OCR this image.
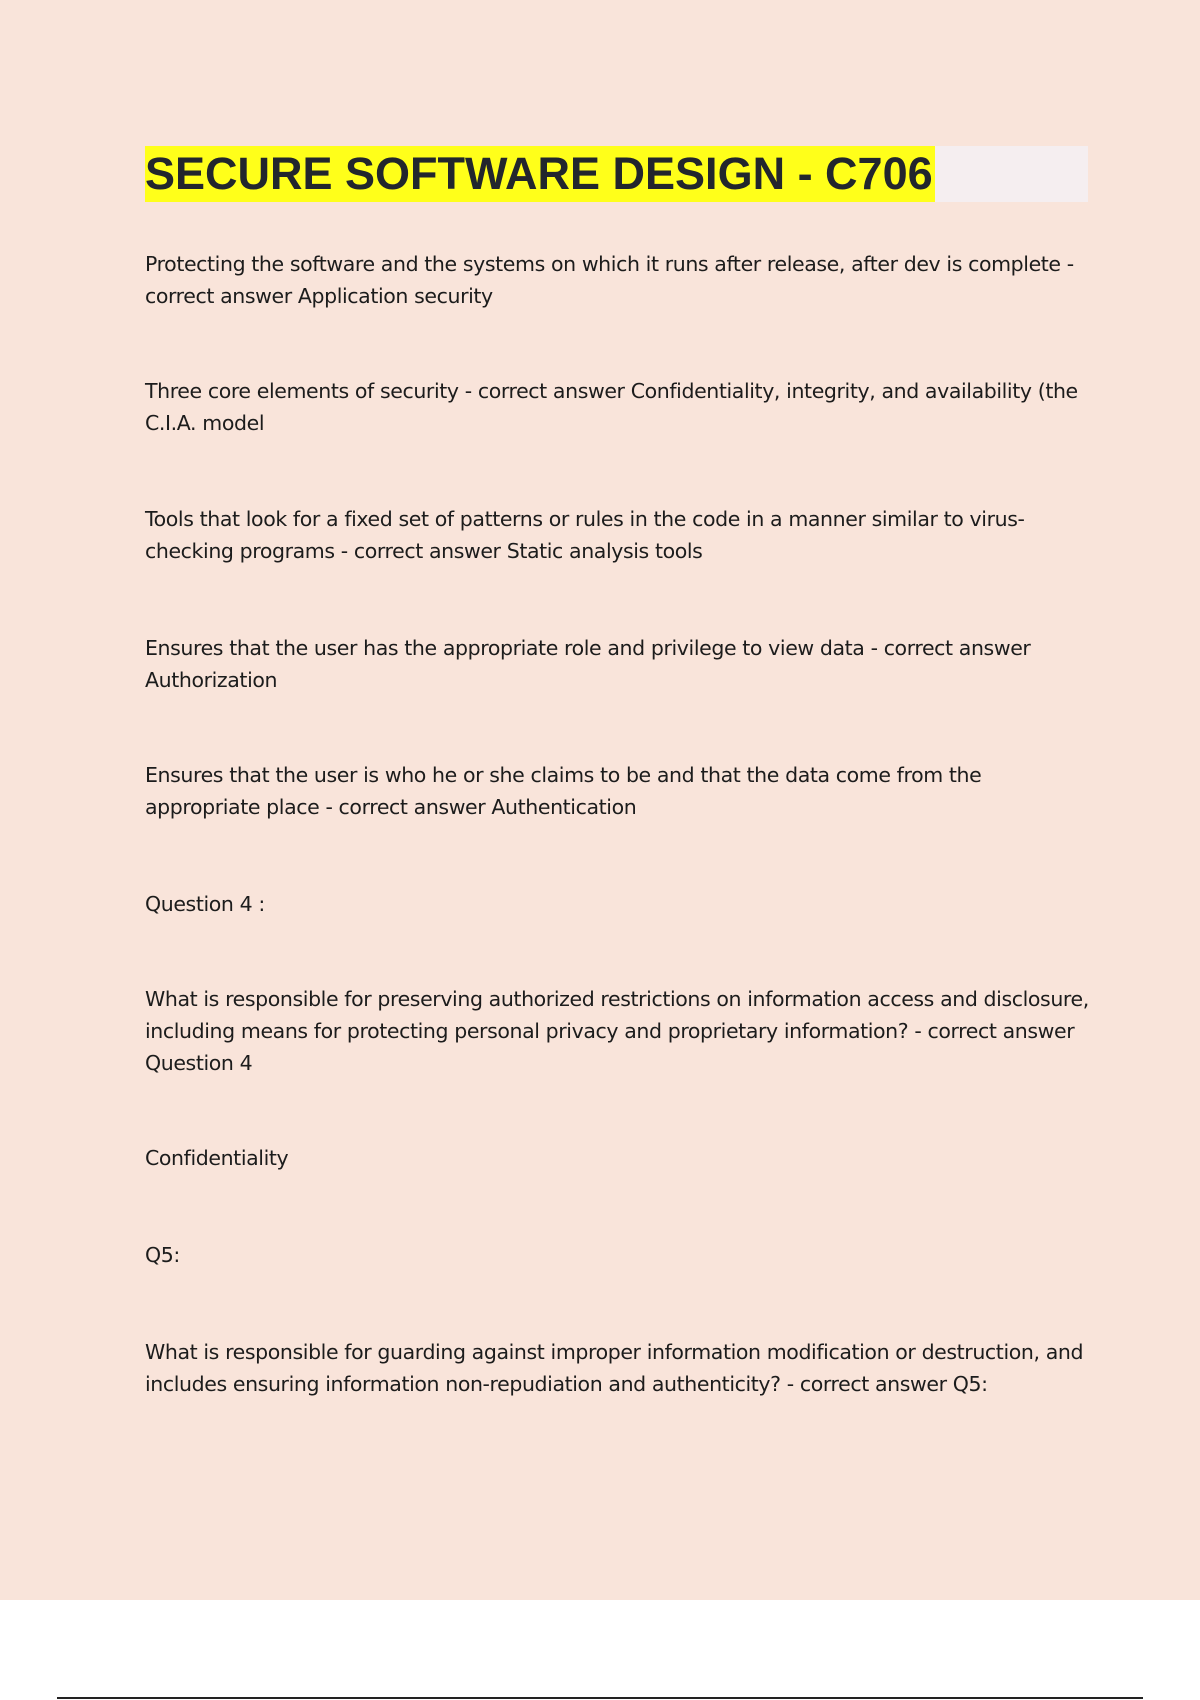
SECURE SOFTWARE DESIGN - C706

Protecting the software and the systems on which it runs after release, after dev is complete - correct answer Application security

Three core elements of security - correct answer Confidentiality, integrity, and availability (the C.I.A. model

Tools that look for a fixed set of patterns or rules in the code in a manner similar to virus-checking programs - correct answer Static analysis tools

Ensures that the user has the appropriate role and privilege to view data - correct answer Authorization

Ensures that the user is who he or she claims to be and that the data come from the appropriate place - correct answer Authentication

Question 4 :

What is responsible for preserving authorized restrictions on information access and disclosure, including means for protecting personal privacy and proprietary information? - correct answer Question 4

Confidentiality

Q5:

What is responsible for guarding against improper information modification or destruction, and includes ensuring information non-repudiation and authenticity? - correct answer Q5:
